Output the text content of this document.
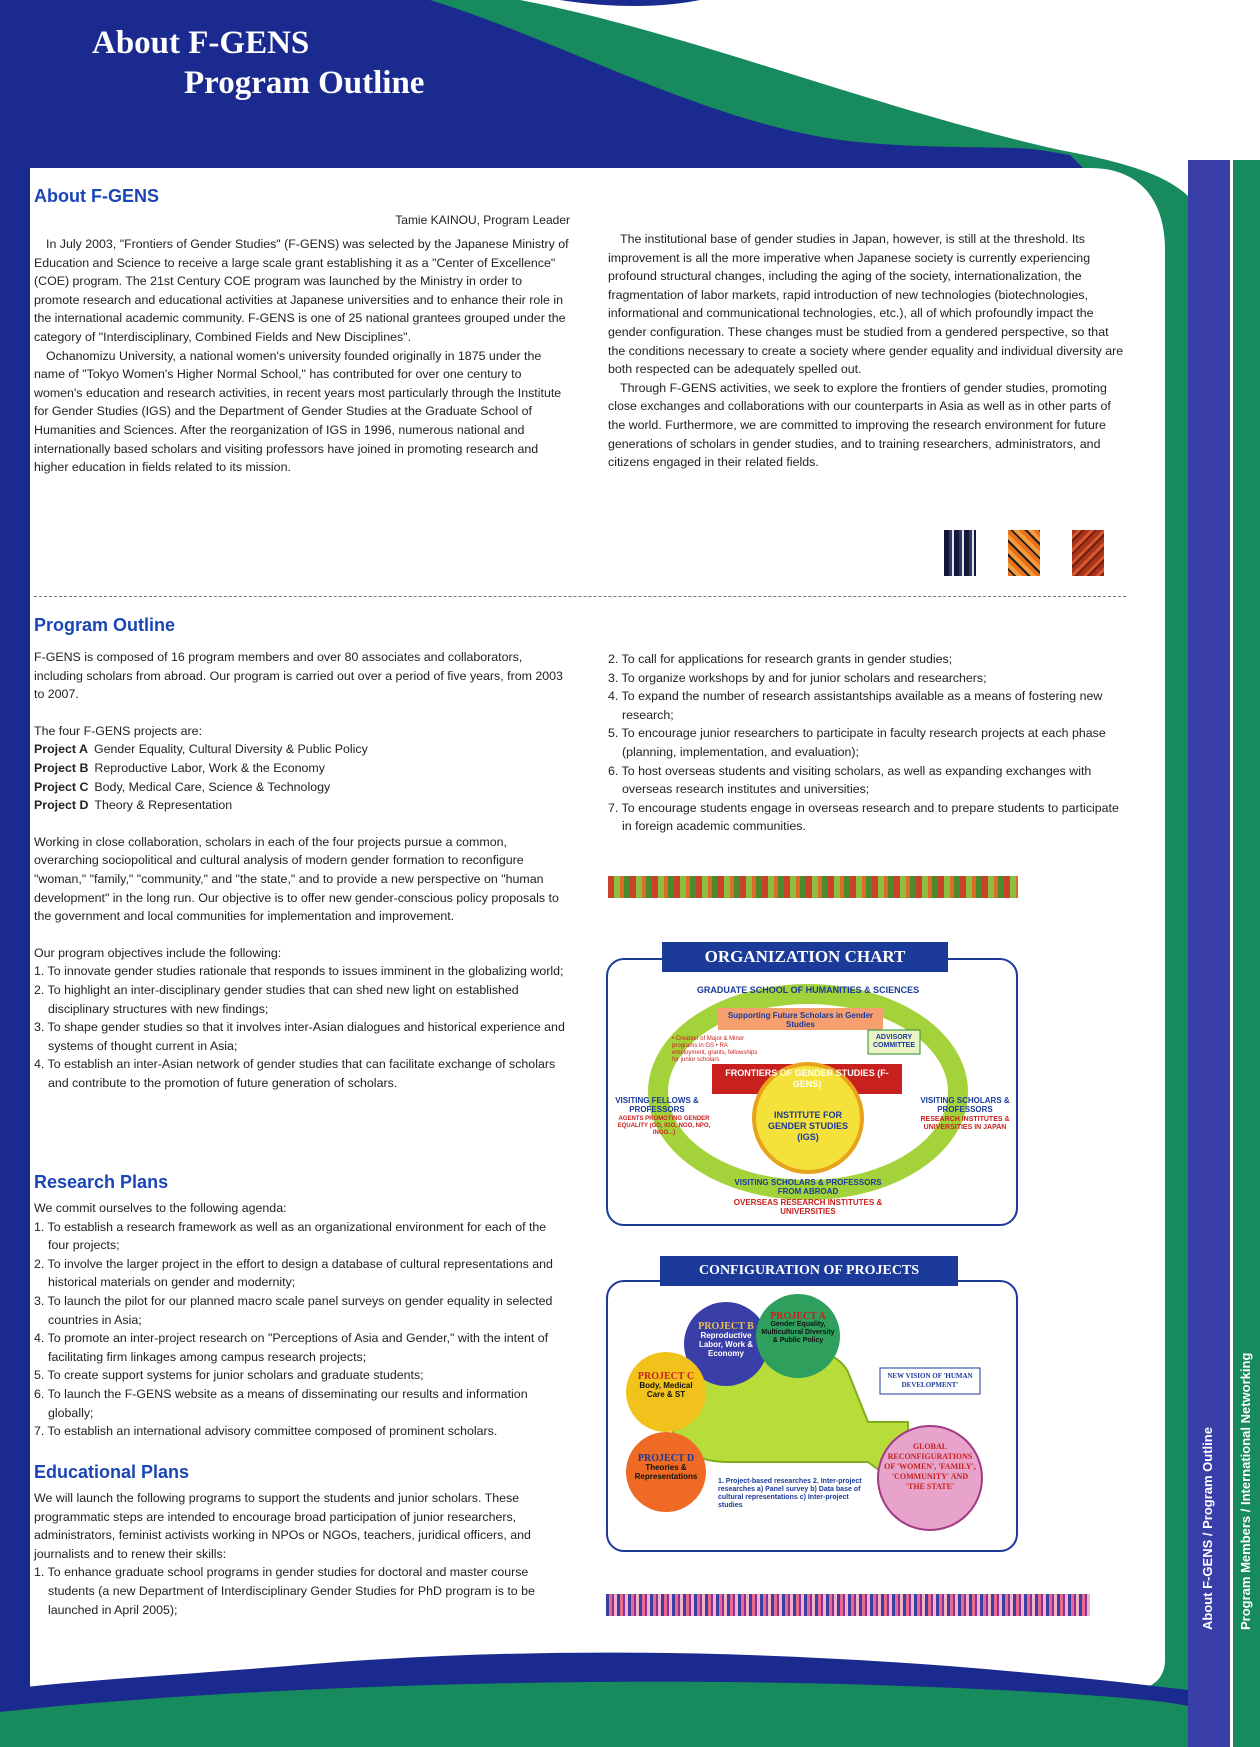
About F-GENS
Program Outline
About F-GENS
Tamie KAINOU, Program Leader

In July 2003, "Frontiers of Gender Studies" (F-GENS) was selected by the Japanese Ministry of Education and Science to receive a large scale grant establishing it as a "Center of Excellence" (COE) program. The 21st Century COE program was launched by the Ministry in order to promote research and educational activities at Japanese universities and to enhance their role in the international academic community. F-GENS is one of 25 national grantees grouped under the category of "Interdisciplinary, Combined Fields and New Disciplines".

Ochanomizu University, a national women's university founded originally in 1875 under the name of "Tokyo Women's Higher Normal School," has contributed for over one century to women's education and research activities, in recent years most particularly through the Institute for Gender Studies (IGS) and the Department of Gender Studies at the Graduate School of Humanities and Sciences. After the reorganization of IGS in 1996, numerous national and internationally based scholars and visiting professors have joined in promoting research and higher education in fields related to its mission.

The institutional base of gender studies in Japan, however, is still at the threshold. Its improvement is all the more imperative when Japanese society is currently experiencing profound structural changes, including the aging of the society, internationalization, the fragmentation of labor markets, rapid introduction of new technologies (biotechnologies, informational and communicational technologies, etc.), all of which profoundly impact the gender configuration. These changes must be studied from a gendered perspective, so that the conditions necessary to create a society where gender equality and individual diversity are both respected can be adequately spelled out.

Through F-GENS activities, we seek to explore the frontiers of gender studies, promoting close exchanges and collaborations with our counterparts in Asia as well as in other parts of the world. Furthermore, we are committed to improving the research environment for future generations of scholars in gender studies, and to training researchers, administrators, and citizens engaged in their related fields.

Program Outline

F-GENS is composed of 16 program members and over 80 associates and collaborators, including scholars from abroad. Our program is carried out over a period of five years, from 2003 to 2007.

The four F-GENS projects are:

Project A Gender Equality, Cultural Diversity & Public Policy
Project B Reproductive Labor, Work & the Economy
Project C Body, Medical Care, Science & Technology
Project D Theory & Representation

Working in close collaboration, scholars in each of the four projects pursue a common, overarching sociopolitical and cultural analysis of modern gender formation to reconfigure "woman," "family," "community," and "the state," and to provide a new perspective on "human development" in the long run. Our objective is to offer new gender-conscious policy proposals to the government and local communities for implementation and improvement.

Our program objectives include the following:

1. To innovate gender studies rationale that responds to issues imminent in the globalizing world;
2. To highlight an inter-disciplinary gender studies that can shed new light on established disciplinary structures with new findings;
3. To shape gender studies so that it involves inter-Asian dialogues and historical experience and systems of thought current in Asia;
4. To establish an inter-Asian network of gender studies that can facilitate exchange of scholars and contribute to the promotion of future generation of scholars.
Research Plans

We commit ourselves to the following agenda:

1. To establish a research framework as well as an organizational environment for each of the four projects;
2. To involve the larger project in the effort to design a database of cultural representations and historical materials on gender and modernity;
3. To launch the pilot for our planned macro scale panel surveys on gender equality in selected countries in Asia;
4. To promote an inter-project research on "Perceptions of Asia and Gender," with the intent of facilitating firm linkages among campus research projects;
5. To create support systems for junior scholars and graduate students;
6. To launch the F-GENS website as a means of disseminating our results and information globally;
7. To establish an international advisory committee composed of prominent scholars.
Educational Plans

We will launch the following programs to support the students and junior scholars. These programmatic steps are intended to encourage broad participation of junior researchers, administrators, feminist activists working in NPOs or NGOs, teachers, juridical officers, and journalists and to renew their skills:

1. To enhance graduate school programs in gender studies for doctoral and master course students (a new Department of Interdisciplinary Gender Studies for PhD program is to be launched in April 2005);
2. To call for applications for research grants in gender studies;
3. To organize workshops by and for junior scholars and researchers;
4. To expand the number of research assistantships available as a means of fostering new research;
5. To encourage junior researchers to participate in faculty research projects at each phase (planning, implementation, and evaluation);
6. To host overseas students and visiting scholars, as well as expanding exchanges with overseas research institutes and universities;
7. To encourage students engage in overseas research and to prepare students to participate in foreign academic communities.
GRADUATE SCHOOL OF HUMANITIES & SCIENCES
Supporting Future Scholars in Gender Studies
• Creation of Major & Minor programs in GS • RA employment, grants, fellowships for junior scholars
ADVISORY COMMITTEE
FRONTIERS OF GENDER STUDIES (F-GENS)
VISITING FELLOWS & PROFESSORS
AGENTS PROMOTING GENDER EQUALITY (GO, IGO, NGO, NPO, INGO...)
INSTITUTE FOR GENDER STUDIES (IGS)
VISITING SCHOLARS & PROFESSORS
RESEARCH INSTITUTES & UNIVERSITIES IN JAPAN
VISITING SCHOLARS & PROFESSORS FROM ABROAD
OVERSEAS RESEARCH INSTITUTES & UNIVERSITIES
ORGANIZATION CHART
PROJECT B
Reproductive Labor, Work & Economy
PROJECT A
Gender Equality, Multicultural Diversity & Public Policy
PROJECT C
Body, Medical Care & ST
PROJECT D
Theories & Representations
NEW VISION OF 'HUMAN DEVELOPMENT'
GLOBAL RECONFIGURATIONS OF 'WOMEN', 'FAMILY', 'COMMUNITY' AND 'THE STATE'
1. Project-based researches 2. Inter-project researches a) Panel survey b) Data base of cultural representations c) Inter-project studies
CONFIGURATION OF PROJECTS
About F-GENS / Program Outline Program Members / International Networking
